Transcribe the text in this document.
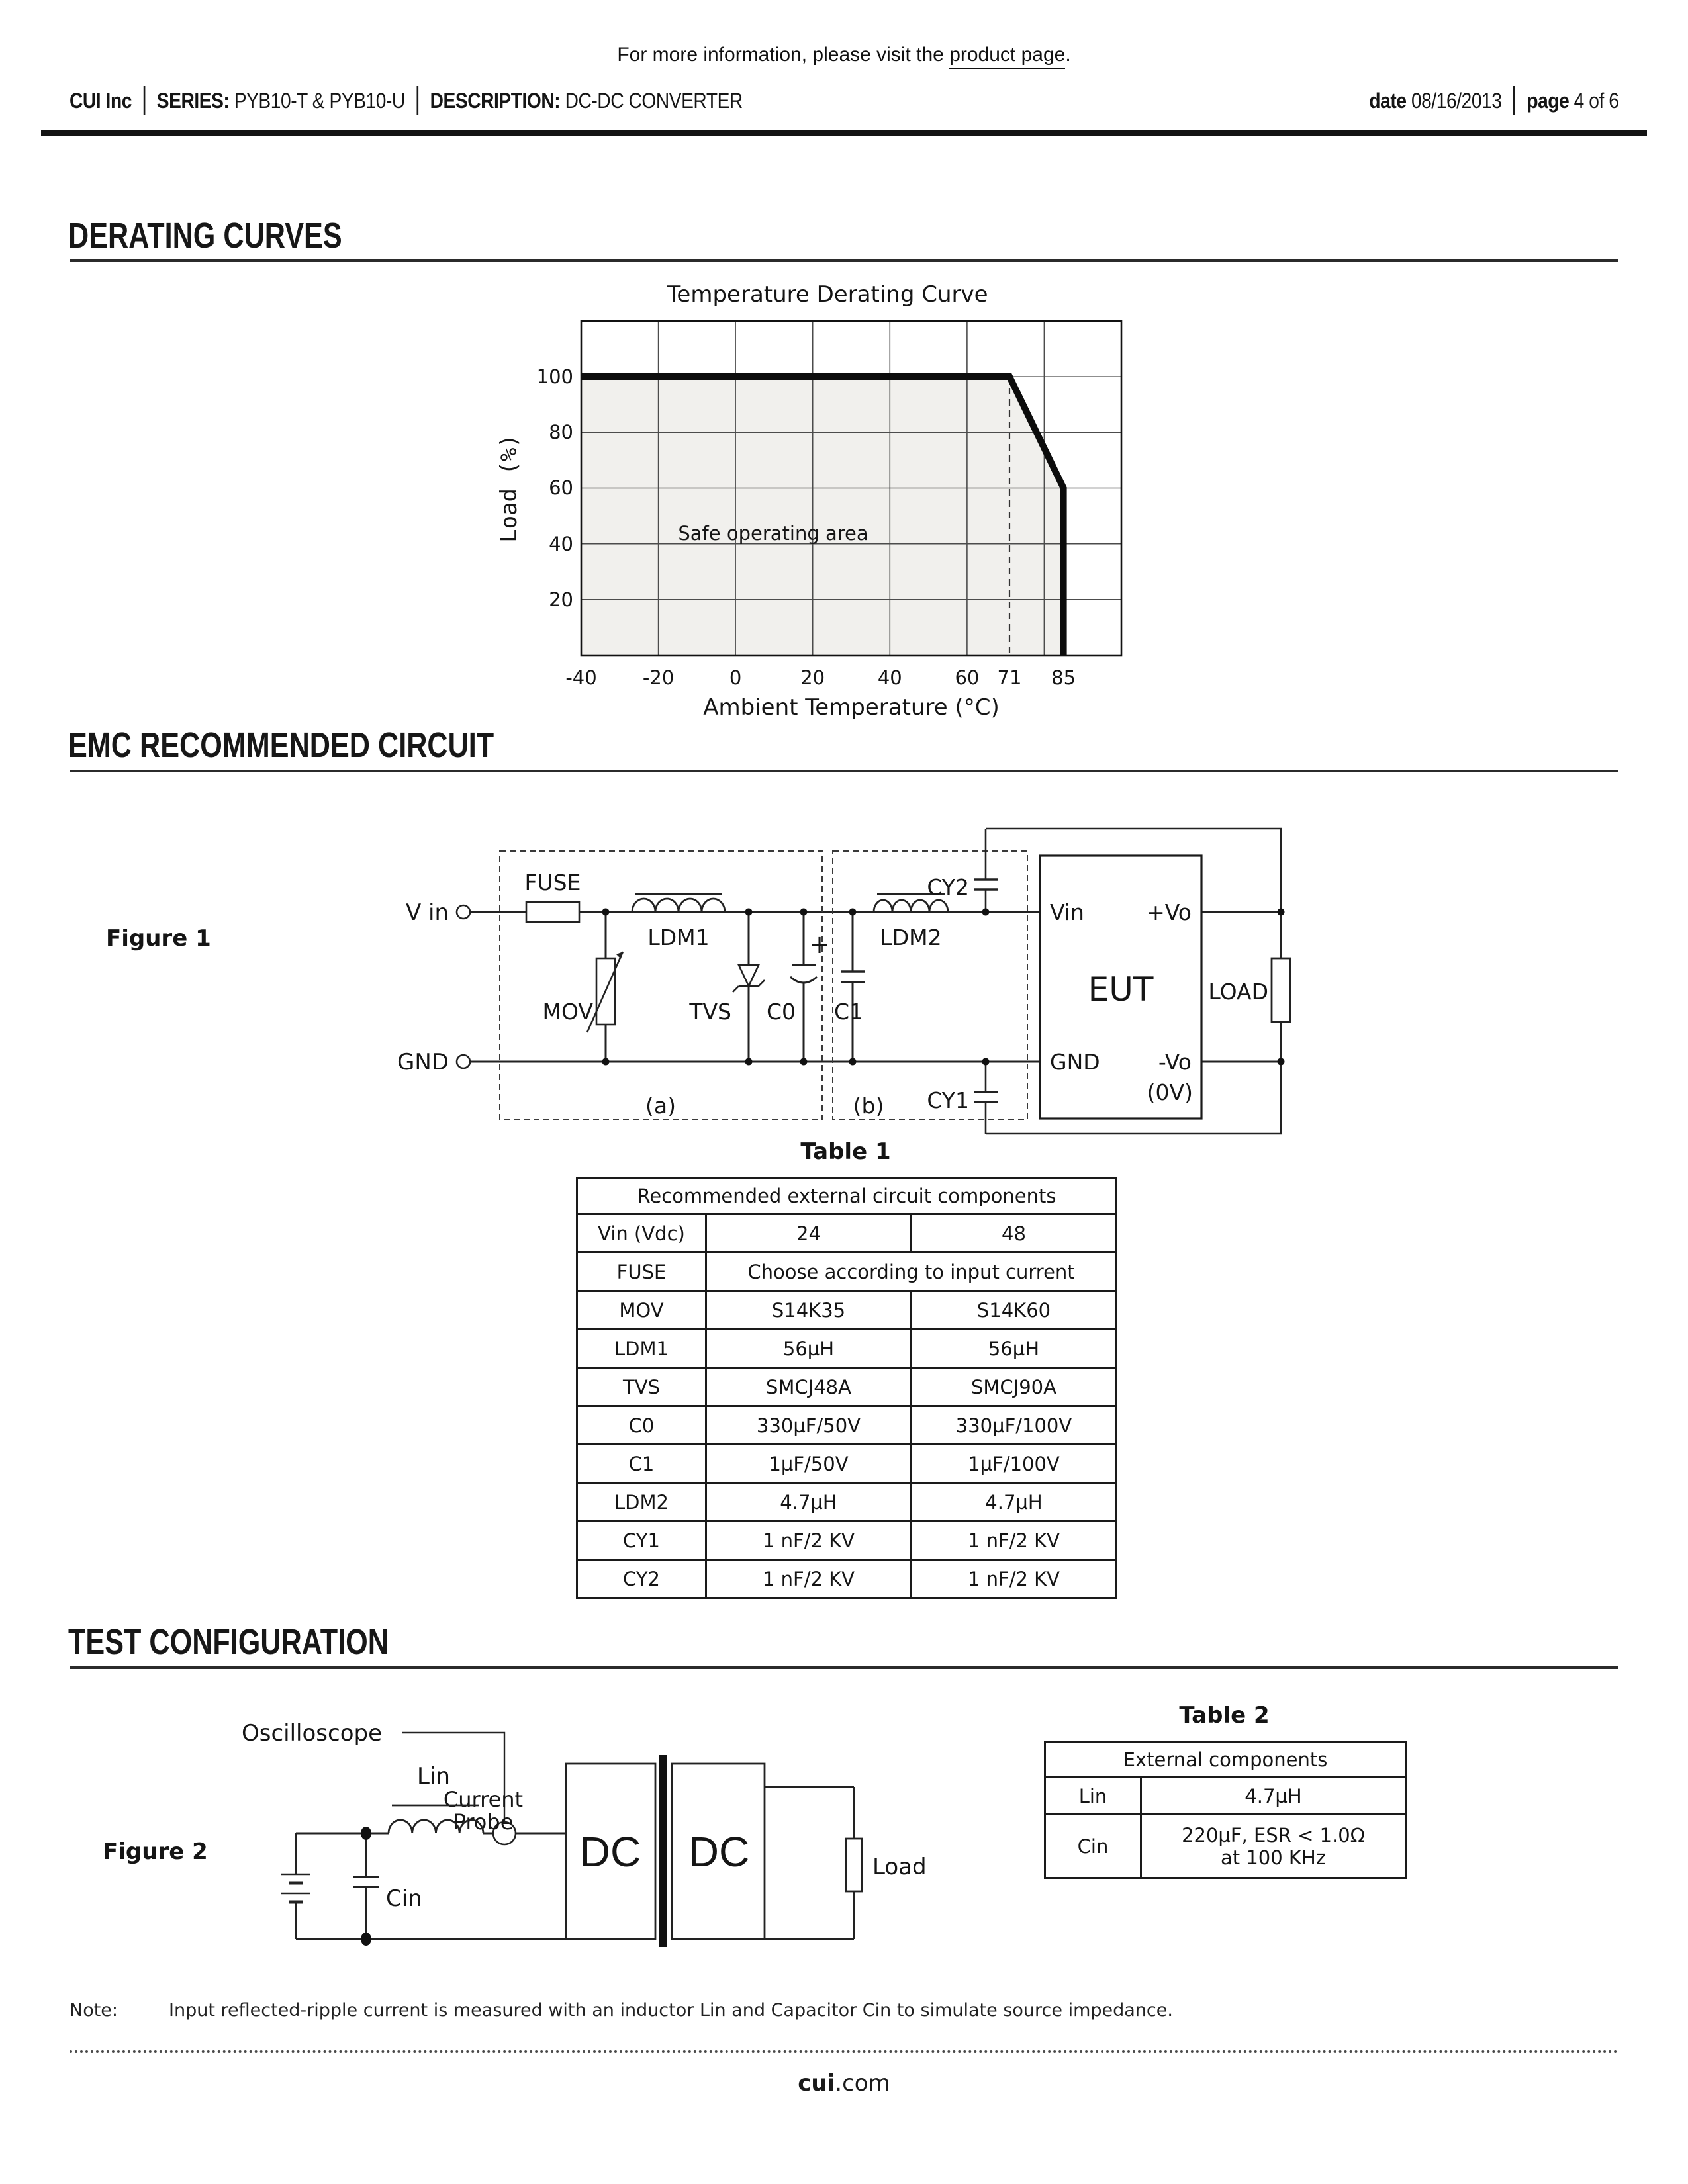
For more information, please visit the product page.
CUI Inc SERIES: PYB10-T & PYB10-U DESCRIPTION: DC-DC CONVERTER	date 08/16/2013 page 4 of 6
DERATING CURVES
Temperature Derating Curve
Safe operating area
100
80
60
40
20
-40 -20	0	20	40	60 71 85
Ambient Temperature (°C)
Load (%)
EMC RECOMMENDED CIRCUIT
Figure 1
V in
GND
(a)	(b)
FUSE
MOV
LDM1
TVS
+
C0 C1
LDM2
CY2
CY1
Vin	+Vo
GND	-Vo
(0V)
EUT	LOAD
Table 1
Recommended external circuit components		
Vin (Vdc)	24	48
FUSE	Choose according to input current	
MOV	S14K35	S14K60
LDM1	56µH	56µH
TVS	SMCJ48A	SMCJ90A
C0	330µF/50V	330µF/100V
C1	1µF/50V	1µF/100V
LDM2	4.7µH	4.7µH
CY1	1 nF/2 KV	1 nF/2 KV
CY2	1 nF/2 KV	1 nF/2 KV
TEST CONFIGURATION
Table 2
External components	
Lin	4.7µH
Cin	220µF, ESR < 1.0Ω
at 100 KHz
Figure 2
Oscilloscope
Current
Probe
Cin
Lin
DC DC	Load
Note:	Input reflected-ripple current is measured with an inductor Lin and Capacitor Cin to simulate source impedance.
cui.com
